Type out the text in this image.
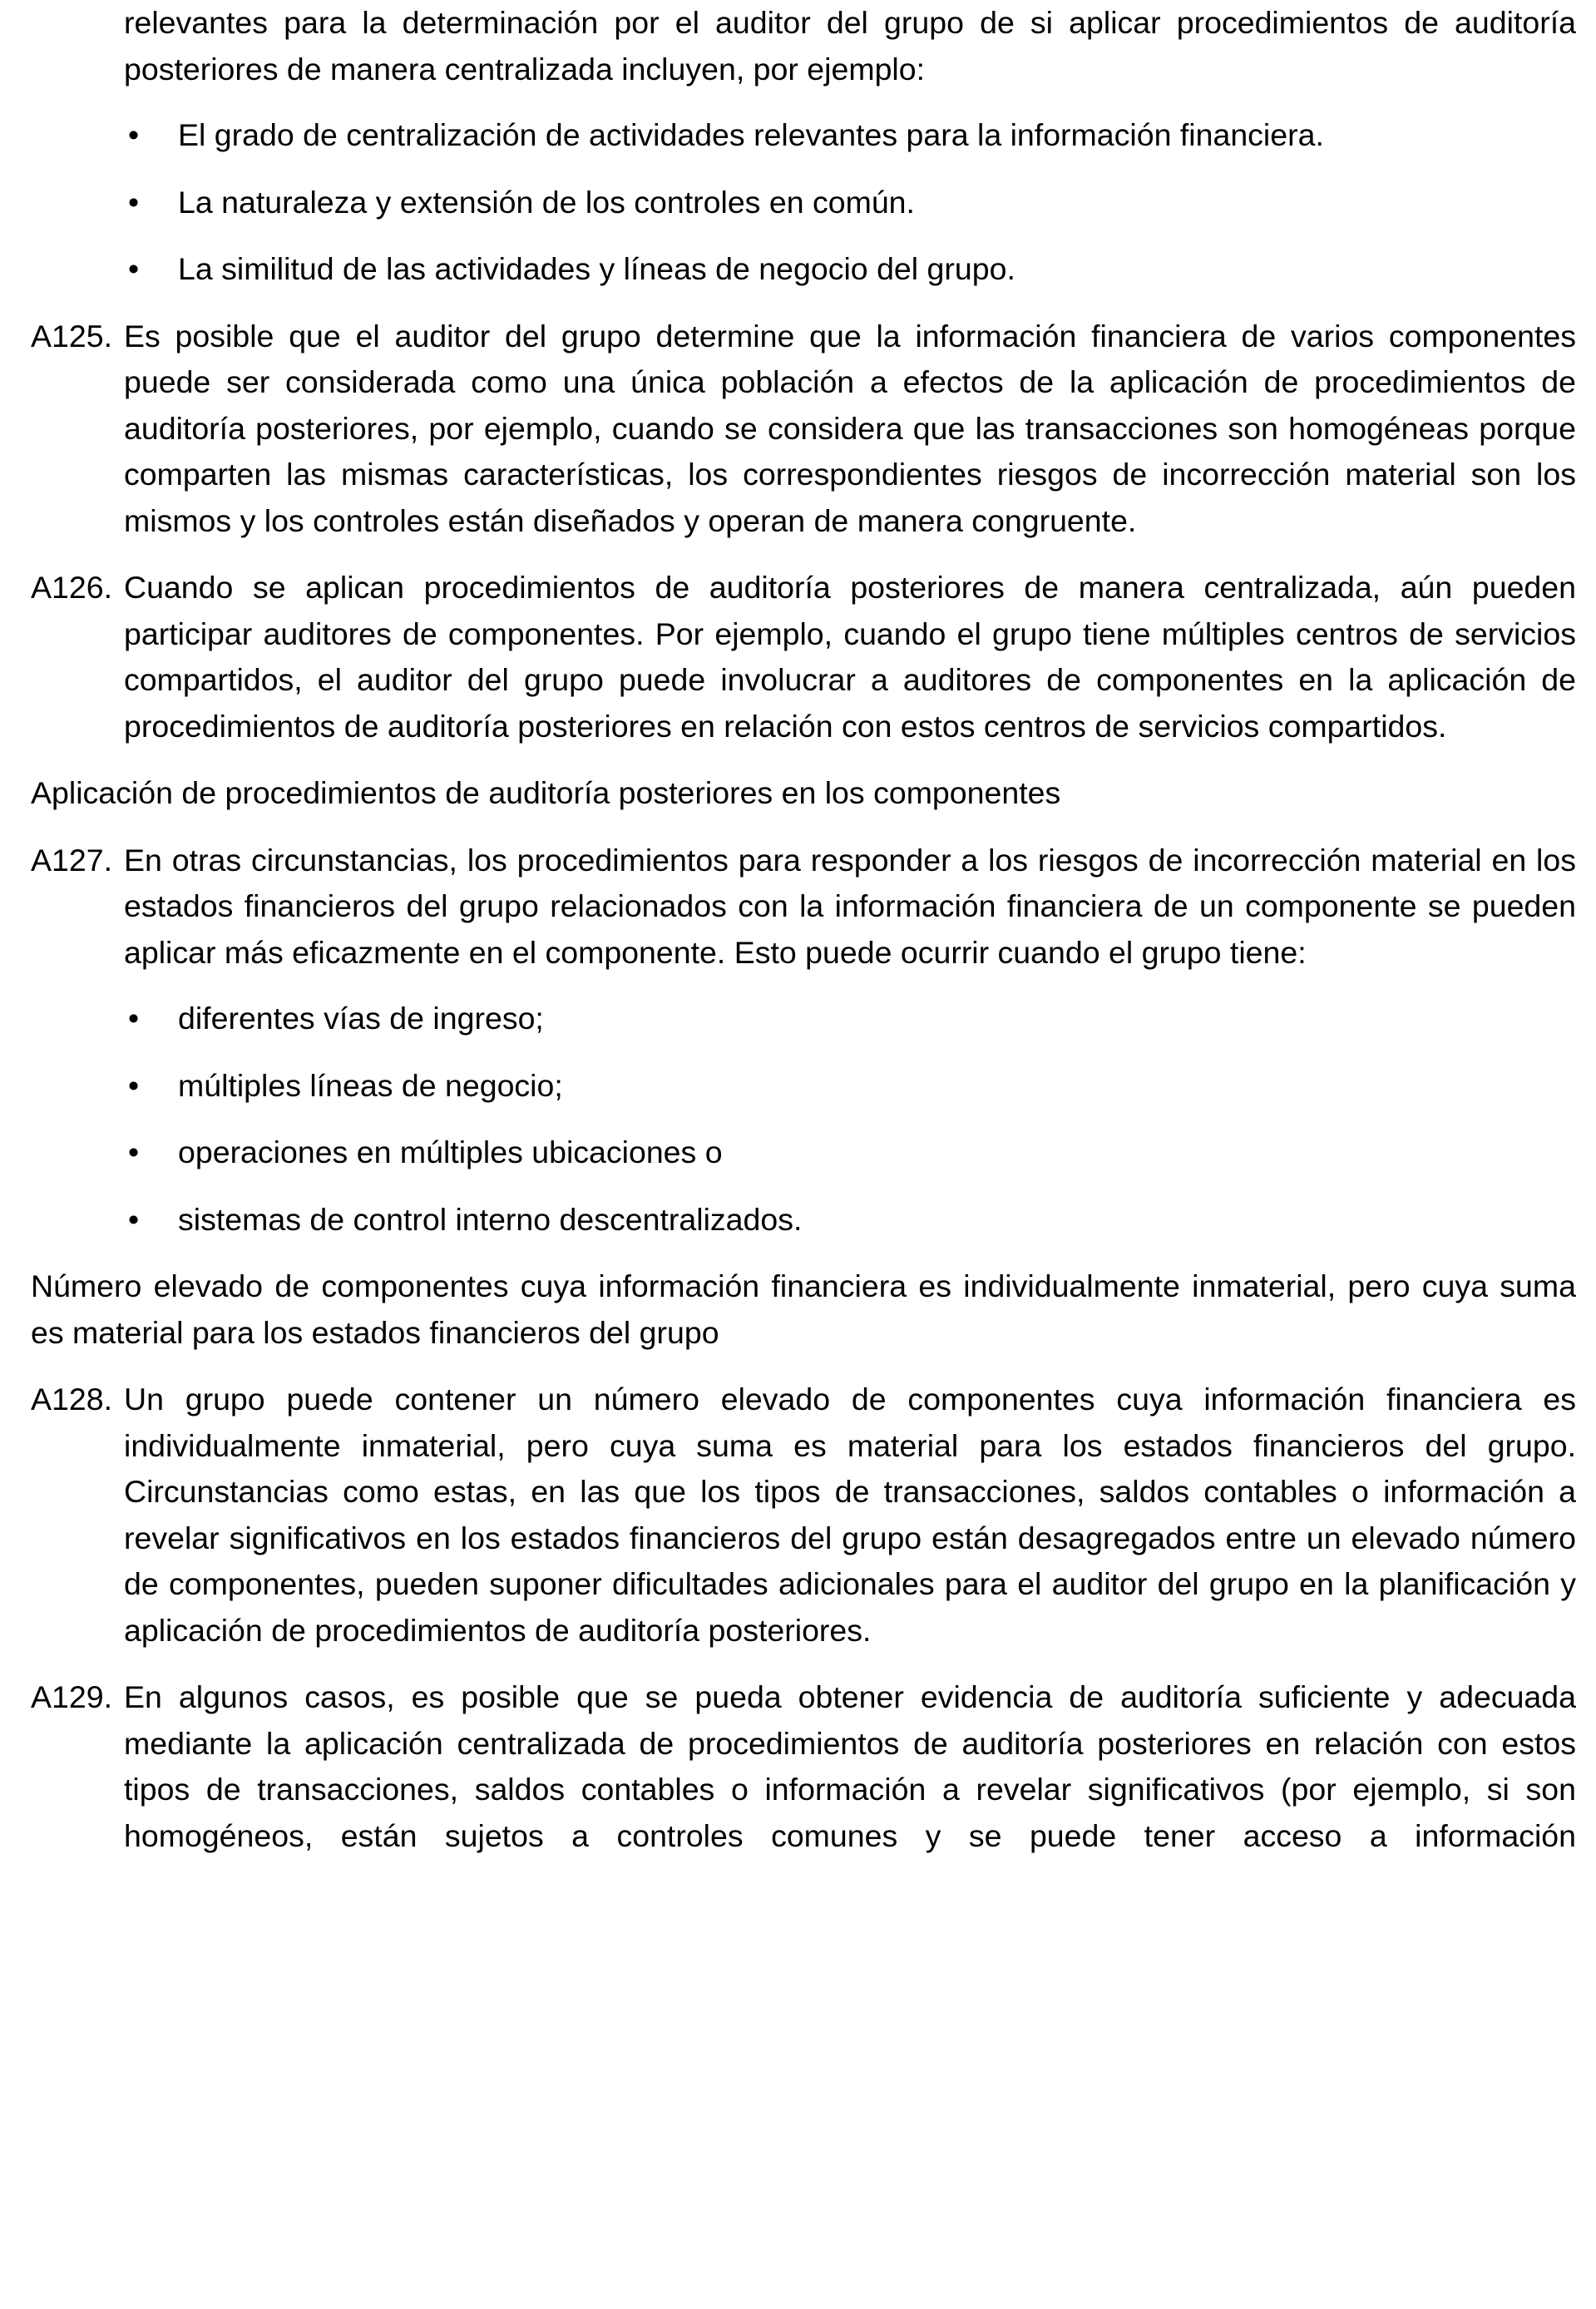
relevantes para la determinación por el auditor del grupo de si aplicar procedimientos de auditoría posteriores de manera centralizada incluyen, por ejemplo:

• El grado de centralización de actividades relevantes para la información financiera.
• La naturaleza y extensión de los controles en común.
• La similitud de las actividades y líneas de negocio del grupo.
A125. Es posible que el auditor del grupo determine que la información financiera de varios componentes puede ser considerada como una única población a efectos de la aplicación de procedimientos de auditoría posteriores, por ejemplo, cuando se considera que las transacciones son homogéneas porque comparten las mismas características, los correspondientes riesgos de incorrección material son los mismos y los controles están diseñados y operan de manera congruente.
A126. Cuando se aplican procedimientos de auditoría posteriores de manera centralizada, aún pueden participar auditores de componentes. Por ejemplo, cuando el grupo tiene múltiples centros de servicios compartidos, el auditor del grupo puede involucrar a auditores de componentes en la aplicación de procedimientos de auditoría posteriores en relación con estos centros de servicios compartidos.

Aplicación de procedimientos de auditoría posteriores en los componentes

A127. En otras circunstancias, los procedimientos para responder a los riesgos de incorrección material en los estados financieros del grupo relacionados con la información financiera de un componente se pueden aplicar más eficazmente en el componente. Esto puede ocurrir cuando el grupo tiene:
• diferentes vías de ingreso;
• múltiples líneas de negocio;
• operaciones en múltiples ubicaciones o
• sistemas de control interno descentralizados.

Número elevado de componentes cuya información financiera es individualmente inmaterial, pero cuya suma es material para los estados financieros del grupo

A128. Un grupo puede contener un número elevado de componentes cuya información financiera es individualmente inmaterial, pero cuya suma es material para los estados financieros del grupo. Circunstancias como estas, en las que los tipos de transacciones, saldos contables o información a revelar significativos en los estados financieros del grupo están desagregados entre un elevado número de componentes, pueden suponer dificultades adicionales para el auditor del grupo en la planificación y aplicación de procedimientos de auditoría posteriores.
A129. En algunos casos, es posible que se pueda obtener evidencia de auditoría suficiente y adecuada mediante la aplicación centralizada de procedimientos de auditoría posteriores en relación con estos tipos de transacciones, saldos contables o información a revelar significativos (por ejemplo, si son homogéneos, están sujetos a controles comunes y se puede tener acceso a información
